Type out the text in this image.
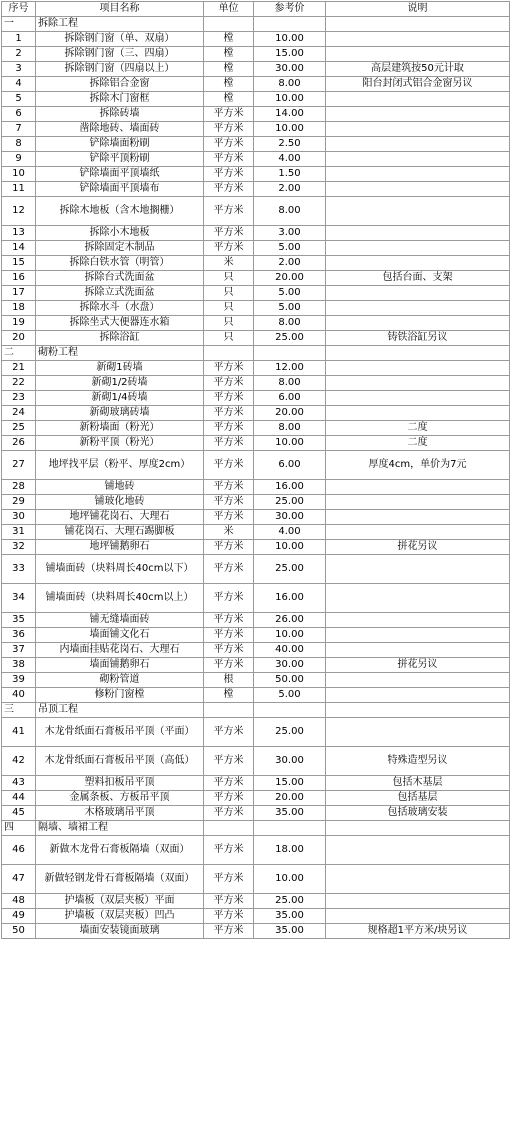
序号	项目名称	单位	参考价	说明
一	拆除工程			
1	拆除钢门窗（单、双扇）	樘	10.00	
2	拆除钢门窗（三、四扇）	樘	15.00	
3	拆除钢门窗（四扇以上）	樘	30.00	高层建筑按50元计取
4	拆除铝合金窗	樘	8.00	阳台封闭式铝合金窗另议
5	拆除木门窗框	樘	10.00	
6	拆除砖墙	平方米	14.00	
7	凿除地砖、墙面砖	平方米	10.00	
8	铲除墙面粉刷	平方米	2.50	
9	铲除平顶粉刷	平方米	4.00	
10	铲除墙面平顶墙纸	平方米	1.50	
11	铲除墙面平顶墙布	平方米	2.00	
12	拆除木地板（含木地搁栅）	平方米	8.00	
13	拆除小木地板	平方米	3.00	
14	拆除固定木制品	平方米	5.00	
15	拆除白铁水管（明管）	米	2.00	
16	拆除台式洗面盆	只	20.00	包括台面、支架
17	拆除立式洗面盆	只	5.00	
18	拆除水斗（水盘）	只	5.00	
19	拆除坐式大便器连水箱	只	8.00	
20	拆除浴缸	只	25.00	铸铁浴缸另议
二	砌粉工程			
21	新砌1砖墙	平方米	12.00	
22	新砌1/2砖墙	平方米	8.00	
23	新砌1/4砖墙	平方米	6.00	
24	新砌玻璃砖墙	平方米	20.00	
25	新粉墙面（粉光）	平方米	8.00	二度
26	新粉平顶（粉光）	平方米	10.00	二度
27	地坪找平层（粉平、厚度2cm）	平方米	6.00	厚度4cm，单价为7元
28	铺地砖	平方米	16.00	
29	铺玻化地砖	平方米	25.00	
30	地坪铺花岗石、大理石	平方米	30.00	
31	铺花岗石、大理石踢脚板	米	4.00	
32	地坪铺鹅卵石	平方米	10.00	拼花另议
33	铺墙面砖（块料周长40cm以下）	平方米	25.00	
34	铺墙面砖（块料周长40cm以上）	平方米	16.00	
35	铺无缝墙面砖	平方米	26.00	
36	墙面铺文化石	平方米	10.00	
37	内墙面挂贴花岗石、大理石	平方米	40.00	
38	墙面铺鹅卵石	平方米	30.00	拼花另议
39	砌粉管道	根	50.00	
40	修粉门窗樘	樘	5.00	
三	吊顶工程			
41	木龙骨纸面石膏板吊平顶（平面）	平方米	25.00	
42	木龙骨纸面石膏板吊平顶（高低）	平方米	30.00	特殊造型另议
43	塑料扣板吊平顶	平方米	15.00	包括木基层
44	金属条板、方板吊平顶	平方米	20.00	包括基层
45	木格玻璃吊平顶	平方米	35.00	包括玻璃安装
四	隔墙、墙裙工程			
46	新做木龙骨石膏板隔墙（双面）	平方米	18.00	
47	新做轻钢龙骨石膏板隔墙（双面）	平方米	10.00	
48	护墙板（双层夹板）平面	平方米	25.00	
49	护墙板（双层夹板）凹凸	平方米	35.00	
50	墙面安装镜面玻璃	平方米	35.00	规格超1平方米/块另议
